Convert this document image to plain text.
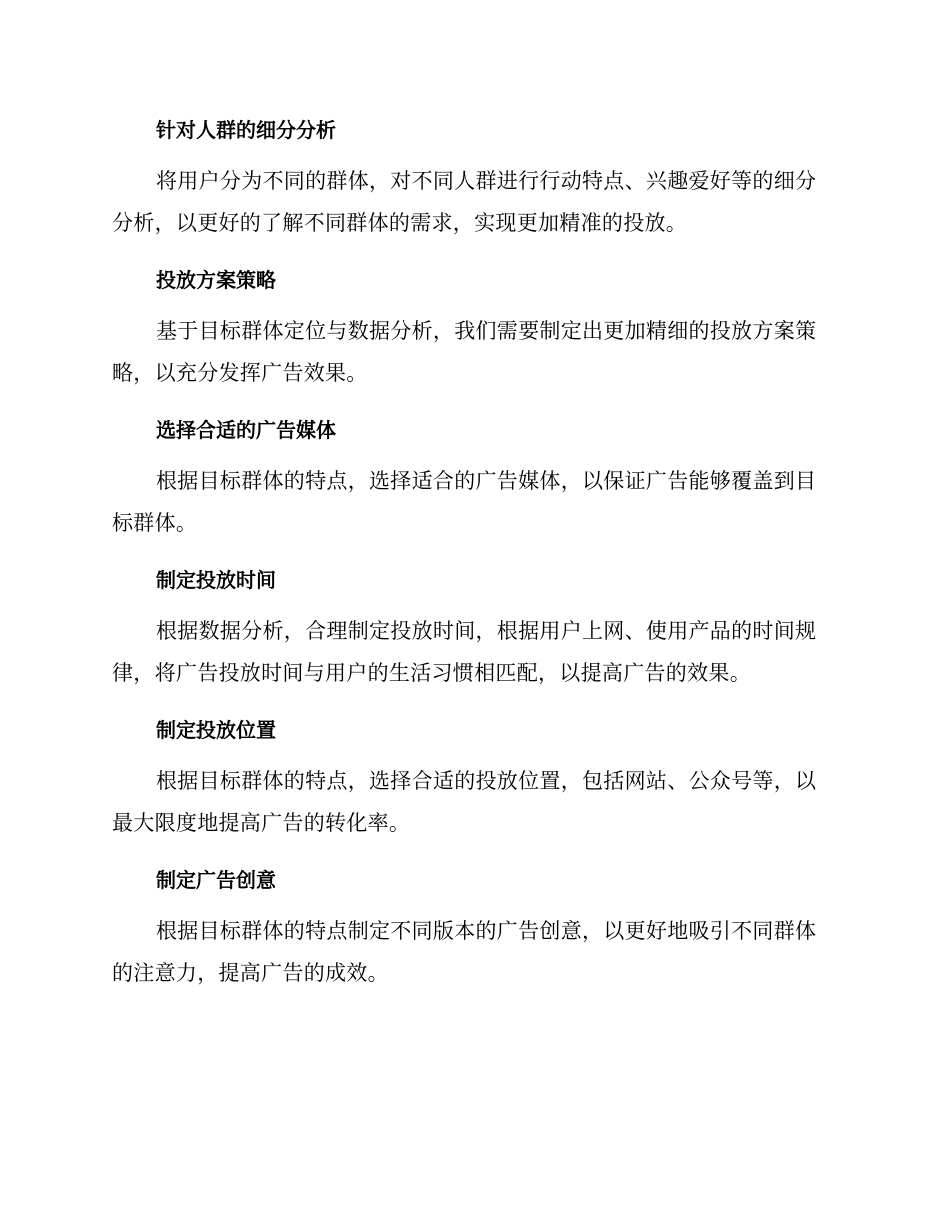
针对人群的细分分析

将用户分为不同的群体，对不同人群进行行动特点、兴趣爱好等的细分分析，以更好的了解不同群体的需求，实现更加精准的投放。

投放方案策略

基于目标群体定位与数据分析，我们需要制定出更加精细的投放方案策略，以充分发挥广告效果。

选择合适的广告媒体

根据目标群体的特点，选择适合的广告媒体，以保证广告能够覆盖到目标群体。

制定投放时间

根据数据分析，合理制定投放时间，根据用户上网、使用产品的时间规律，将广告投放时间与用户的生活习惯相匹配，以提高广告的效果。

制定投放位置

根据目标群体的特点，选择合适的投放位置，包括网站、公众号等，以最大限度地提高广告的转化率。

制定广告创意

根据目标群体的特点制定不同版本的广告创意，以更好地吸引不同群体的注意力，提高广告的成效。
